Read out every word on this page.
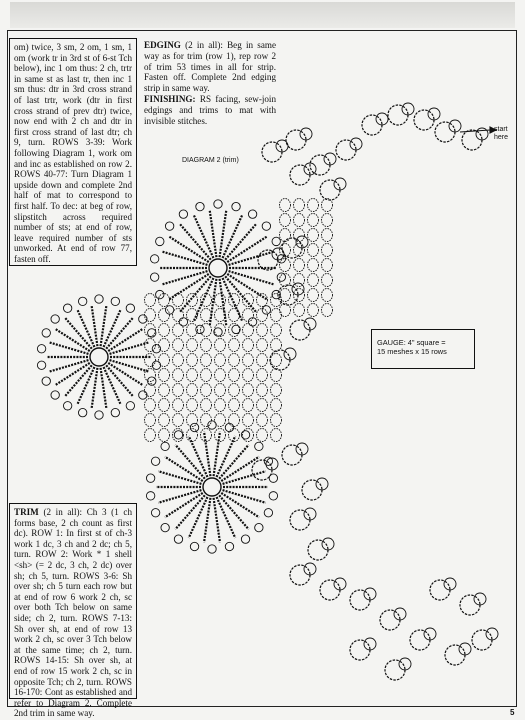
om) twice, 3 sm, 2 om, 1 sm, 1 om (work tr in 3rd st of 6-st Tch below), inc 1 om thus: 2 ch, trtr in same st as last tr, then inc 1 sm thus: dtr in 3rd cross strand of last trtr, work (dtr in first cross strand of prev dtr) twice, now end with 2 ch and dtr in first cross strand of last dtr; ch 9, turn. ROWS 3-39: Work following Diagram 1, work om and inc as established on row 2. ROWS 40-77: Turn Diagram 1 upside down and complete 2nd half of mat to correspond to first half. To dec: at beg of row, slipstitch across required number of sts; at end of row, leave required number of sts unworked. At end of row 77, fasten off.

EDGING (2 in all): Beg in same way as for trim (row 1), rep row 2 of trim 53 times in all for strip. Fasten off. Complete 2nd edging strip in same way.

FINISHING: RS facing, sew-join edgings and trims to mat with invisible stitches.

DIAGRAM 2 (trim)
start here
GAUGE: 4" square =
15 meshes x 15 rows

TRIM (2 in all): Ch 3 (1 ch forms base, 2 ch count as first dc). ROW 1: In first st of ch-3 work 1 dc, 3 ch and 2 dc; ch 5, turn. ROW 2: Work * 1 shell <sh> (= 2 dc, 3 ch, 2 dc) over sh; ch 5, turn. ROWS 3-6: Sh over sh; ch 5 turn each row but at end of row 6 work 2 ch, sc over both Tch below on same side; ch 2, turn. ROWS 7-13: Sh over sh, at end of row 13 work 2 ch, sc over 3 Tch below at the same time; ch 2, turn. ROWS 14-15: Sh over sh, at end of row 15 work 2 ch, sc in opposite Tch; ch 2, turn. ROWS 16-170: Cont as established and refer to Diagram 2. Complete 2nd trim in same way.	5
